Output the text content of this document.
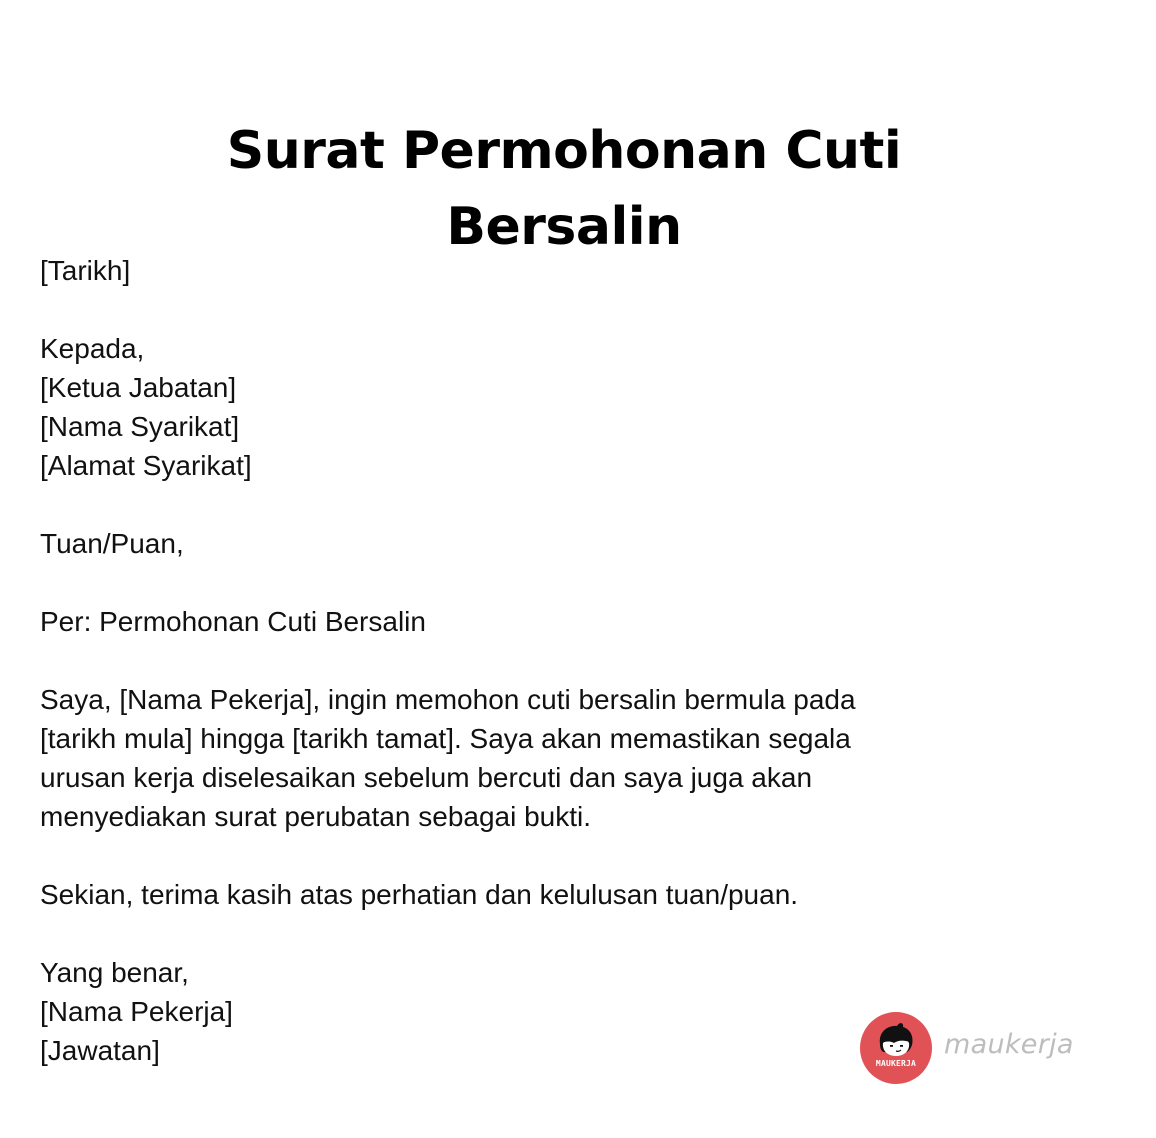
Surat Permohonan Cuti
Bersalin
[Tarikh]
Kepada,
[Ketua Jabatan]
[Nama Syarikat]
[Alamat Syarikat]
Tuan/Puan,
Per: Permohonan Cuti Bersalin
Saya, [Nama Pekerja], ingin memohon cuti bersalin bermula pada
[tarikh mula] hingga [tarikh tamat]. Saya akan memastikan segala
urusan kerja diselesaikan sebelum bercuti dan saya juga akan
menyediakan surat perubatan sebagai bukti.
Sekian, terima kasih atas perhatian dan kelulusan tuan/puan.
Yang benar,
[Nama Pekerja]
[Jawatan]	MAUKERJA
maukerja
